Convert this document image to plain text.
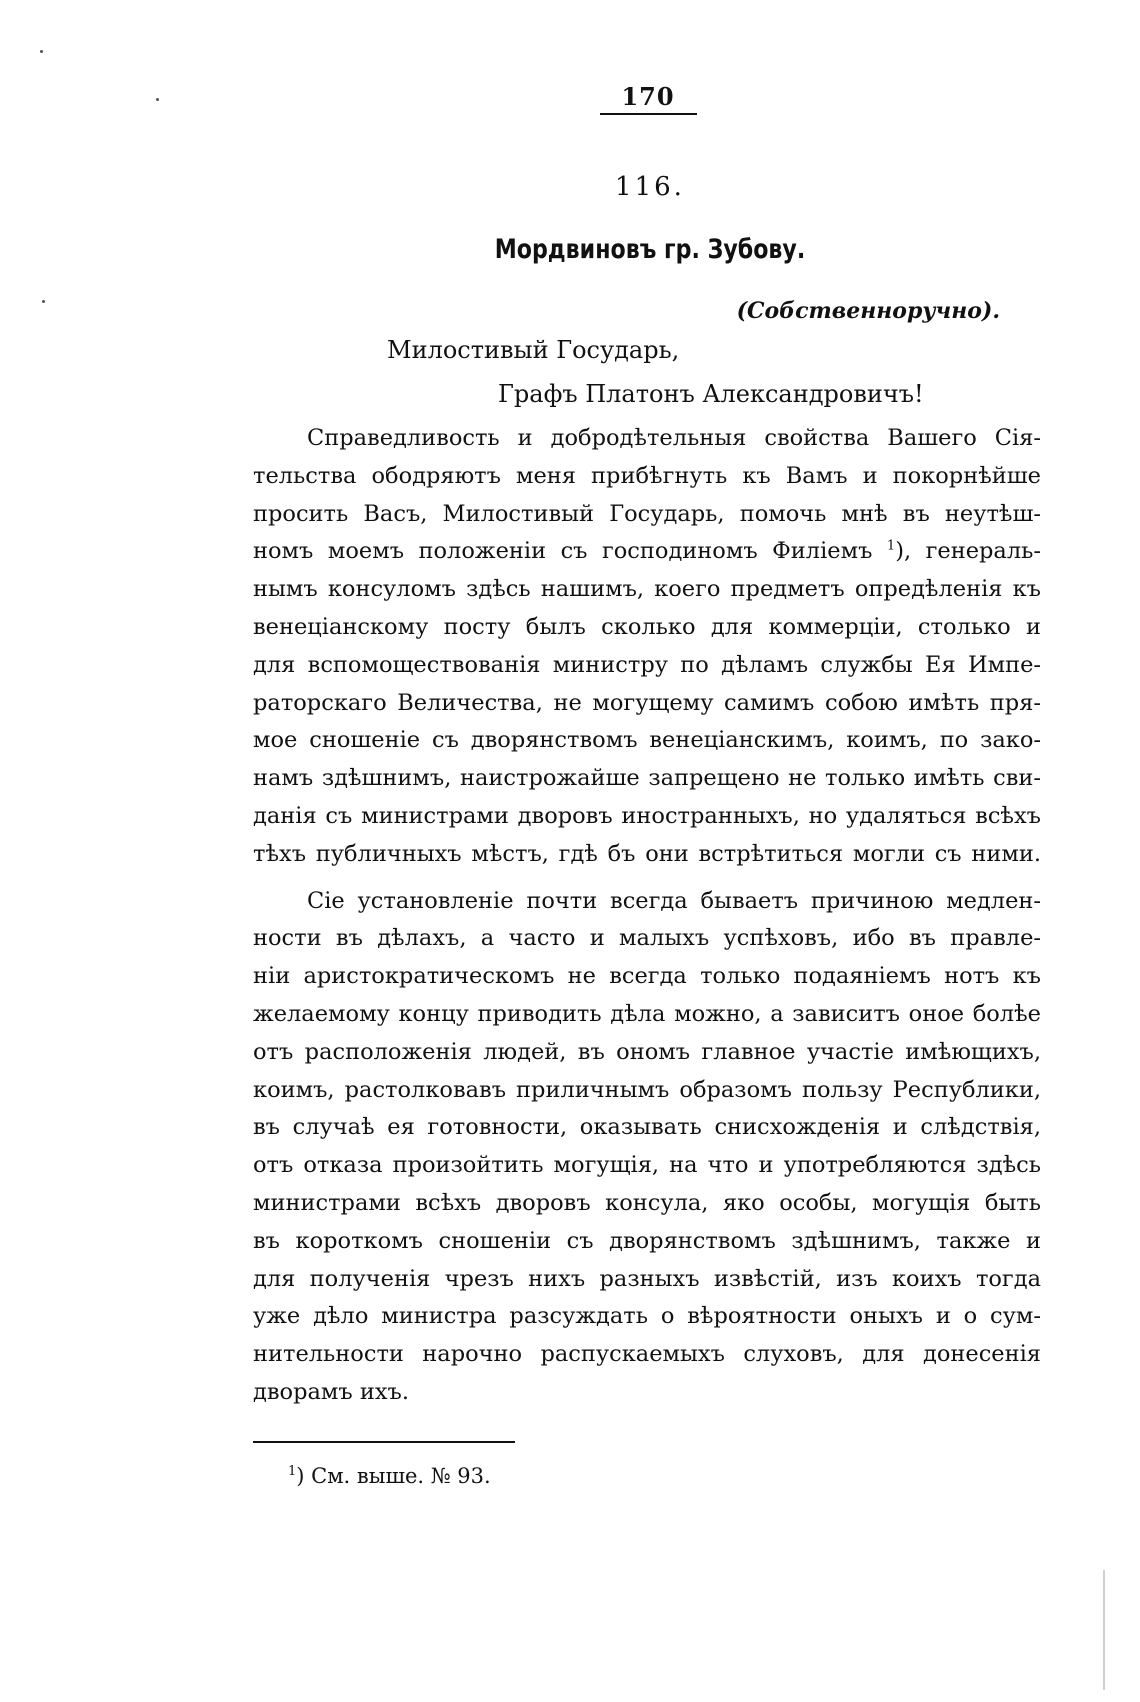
170
116.
Мордвиновъ гр. Зубову.
(Собственноручно).
Милостивый Государь,
Графъ Платонъ Александровичъ!
Справедливость и добродѣтельныя свойства Вашего Сія-
тельства ободряютъ меня прибѣгнуть къ Вамъ и покорнѣйше
просить Васъ, Милостивый Государь, помочь мнѣ въ неутѣш-
номъ моемъ положеніи съ господиномъ Филіемъ $^1$), генераль-
нымъ консуломъ здѣсь нашимъ, коего предметъ опредѣленія къ
венеціанскому посту былъ сколько для коммерціи, столько и
для вспомоществованія министру по дѣламъ службы Ея Импе-
раторскаго Величества, не могущему самимъ собою имѣть пря-
мое сношеніе съ дворянствомъ венеціанскимъ, коимъ, по зако-
намъ здѣшнимъ, наистрожайше запрещено не только имѣть сви-
данія съ министрами дворовъ иностранныхъ, но удаляться всѣхъ
тѣхъ публичныхъ мѣстъ, гдѣ бъ они встрѣтиться могли съ ними.
Сіе установленіе почти всегда бываетъ причиною медлен-
ности въ дѣлахъ, а часто и малыхъ успѣховъ, ибо въ правле-
ніи аристократическомъ не всегда только подаяніемъ нотъ къ
желаемому концу приводить дѣла можно, а зависитъ оное болѣе
отъ расположенія людей, въ ономъ главное участіе имѣющихъ,
коимъ, растолковавъ приличнымъ образомъ пользу Республики,
въ случаѣ ея готовности, оказывать снисхожденія и слѣдствія,
отъ отказа произойтить могущія, на что и употребляются здѣсь
министрами всѣхъ дворовъ консула, яко особы, могущія быть
въ короткомъ сношеніи съ дворянствомъ здѣшнимъ, также и
для полученія чрезъ нихъ разныхъ извѣстій, изъ коихъ тогда
уже дѣло министра разсуждать о вѣроятности оныхъ и о сум-
нительности нарочно распускаемыхъ слуховъ, для донесенія
дворамъ ихъ.
$^1$) См. выше. № 93.
